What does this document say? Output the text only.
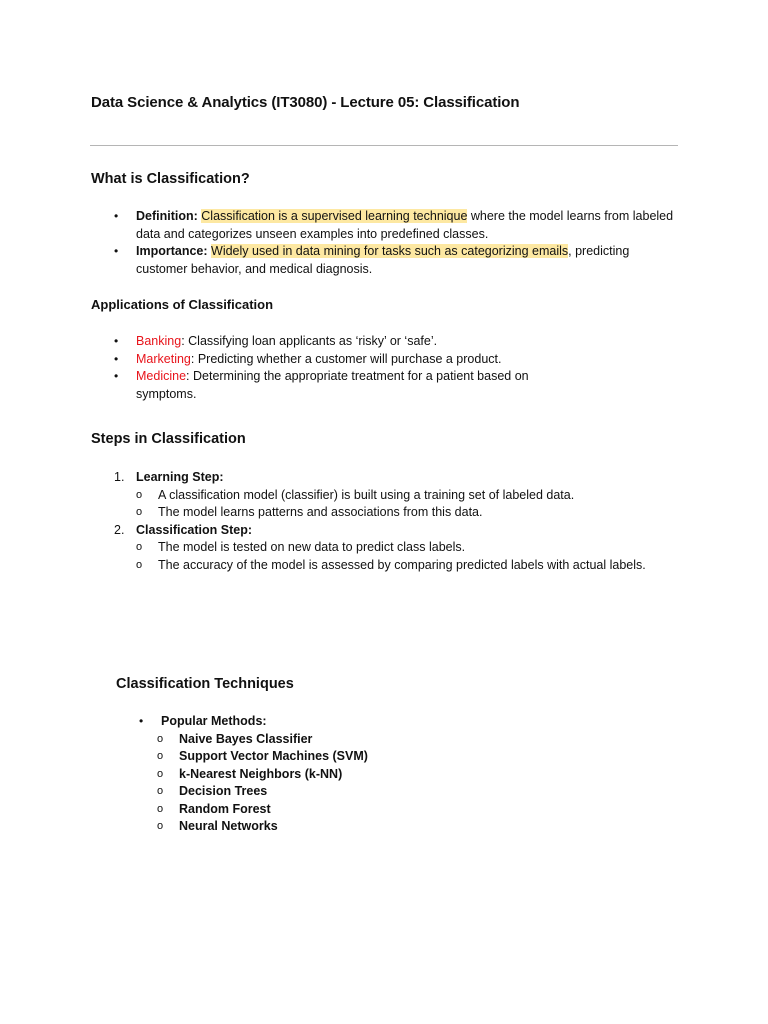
Data Science & Analytics (IT3080) - Lecture 05: Classification
What is Classification?
• Definition: Classification is a supervised learning technique where the model learns from labeled
data and categorizes unseen examples into predefined classes.
• Importance: Widely used in data mining for tasks such as categorizing emails, predicting
customer behavior, and medical diagnosis.
Applications of Classification
• Banking: Classifying loan applicants as ‘risky’ or ‘safe’.
• Marketing: Predicting whether a customer will purchase a product.
• Medicine: Determining the appropriate treatment for a patient based on
symptoms.
Steps in Classification
1. Learning Step:
o A classification model (classifier) is built using a training set of labeled data.
o The model learns patterns and associations from this data.
2. Classification Step:
o The model is tested on new data to predict class labels.
o The accuracy of the model is assessed by comparing predicted labels with actual labels.
Classification Techniques
• Popular Methods:
o Naive Bayes Classifier
o Support Vector Machines (SVM)
o k-Nearest Neighbors (k-NN)
o Decision Trees
o Random Forest
o Neural Networks
